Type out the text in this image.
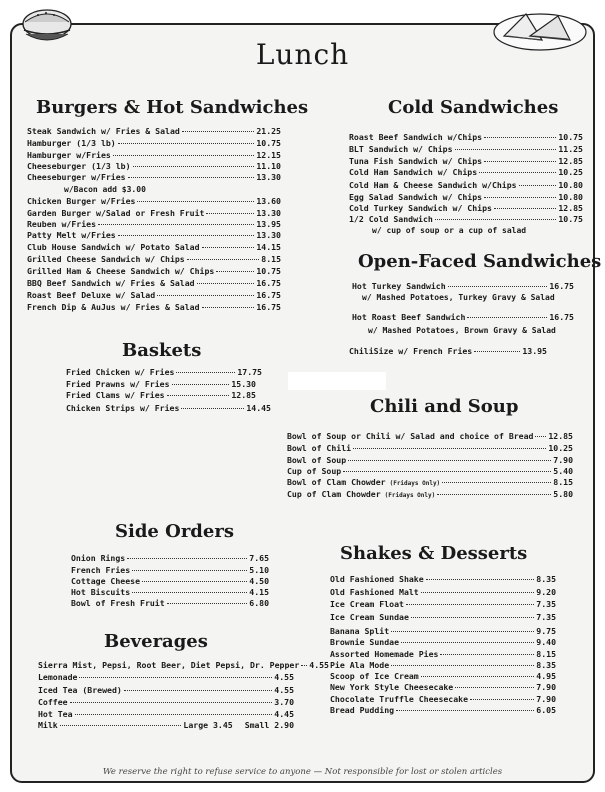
Lunch
Burgers & Hot Sandwiches	Cold Sandwiches
Open-Faced Sandwiches
Baskets
Chili and Soup
Side Orders
Shakes & Desserts
Beverages
Steak Sandwich w/ Fries & Salad	21.25
Hamburger (1/3 lb)	10.75
Hamburger w/Fries	12.15
Cheeseburger (1/3 lb)	11.10
Cheeseburger w/Fries	13.30
w/Bacon add $3.00
Chicken Burger w/Fries	13.60
Garden Burger w/Salad or Fresh Fruit	13.30
Reuben w/Fries	13.95
Patty Melt w/Fries	13.30
Club House Sandwich w/ Potato Salad	14.15
Grilled Cheese Sandwich w/ Chips	8.15
Grilled Ham & Cheese Sandwich w/ Chips	10.75
BBQ Beef Sandwich w/ Fries & Salad	16.75
Roast Beef Deluxe w/ Salad	16.75
French Dip & AuJus w/ Fries & Salad	16.75
Roast Beef Sandwich w/Chips	10.75
BLT Sandwich w/ Chips	11.25
Tuna Fish Sandwich w/ Chips	12.85
Cold Ham Sandwich w/ Chips	10.25
Cold Ham & Cheese Sandwich w/Chips	10.80
Egg Salad Sandwich w/ Chips	10.80
Cold Turkey Sandwich w/ Chips	12.85
1/2 Cold Sandwich	10.75
w/ cup of soup or a cup of salad
Hot Turkey Sandwich	16.75
w/ Mashed Potatoes, Turkey Gravy & Salad
Hot Roast Beef Sandwich	16.75
w/ Mashed Potatoes, Brown Gravy & Salad
ChiliSize w/ French Fries	13.95
Fried Chicken w/ Fries	17.75
Fried Prawns w/ Fries	15.30
Fried Clams w/ Fries	12.85
Chicken Strips w/ Fries	14.45
Bowl of Soup or Chili w/ Salad and choice of Bread 12.85
Bowl of Chili	10.25
Bowl of Soup	7.90
Cup of Soup	5.40
Bowl of Clam Chowder (Fridays Only)	8.15
Cup of Clam Chowder (Fridays Only)	5.80
Onion Rings	7.65
French Fries	5.10
Cottage Cheese	4.50
Hot Biscuits	4.15
Bowl of Fresh Fruit	6.80
Old Fashioned Shake	8.35
Old Fashioned Malt	9.20
Ice Cream Float	7.35
Ice Cream Sundae	7.35
Banana Split	9.75
Brownie Sundae	9.40
Assorted Homemade Pies	8.15
Pie Ala Mode	8.35
Scoop of Ice Cream	4.95
New York Style Cheesecake	7.90
Chocolate Truffle Cheesecake	7.90
Bread Pudding	6.05
Sierra Mist, Pepsi, Root Beer, Diet Pepsi, Dr. Pepper 4.55
Lemonade	4.55
Iced Tea (Brewed)	4.55
Coffee	3.70
Hot Tea	4.45
Milk	Large 3.45 Small 2.90
We reserve the right to refuse service to anyone — Not responsible for lost or stolen articles
